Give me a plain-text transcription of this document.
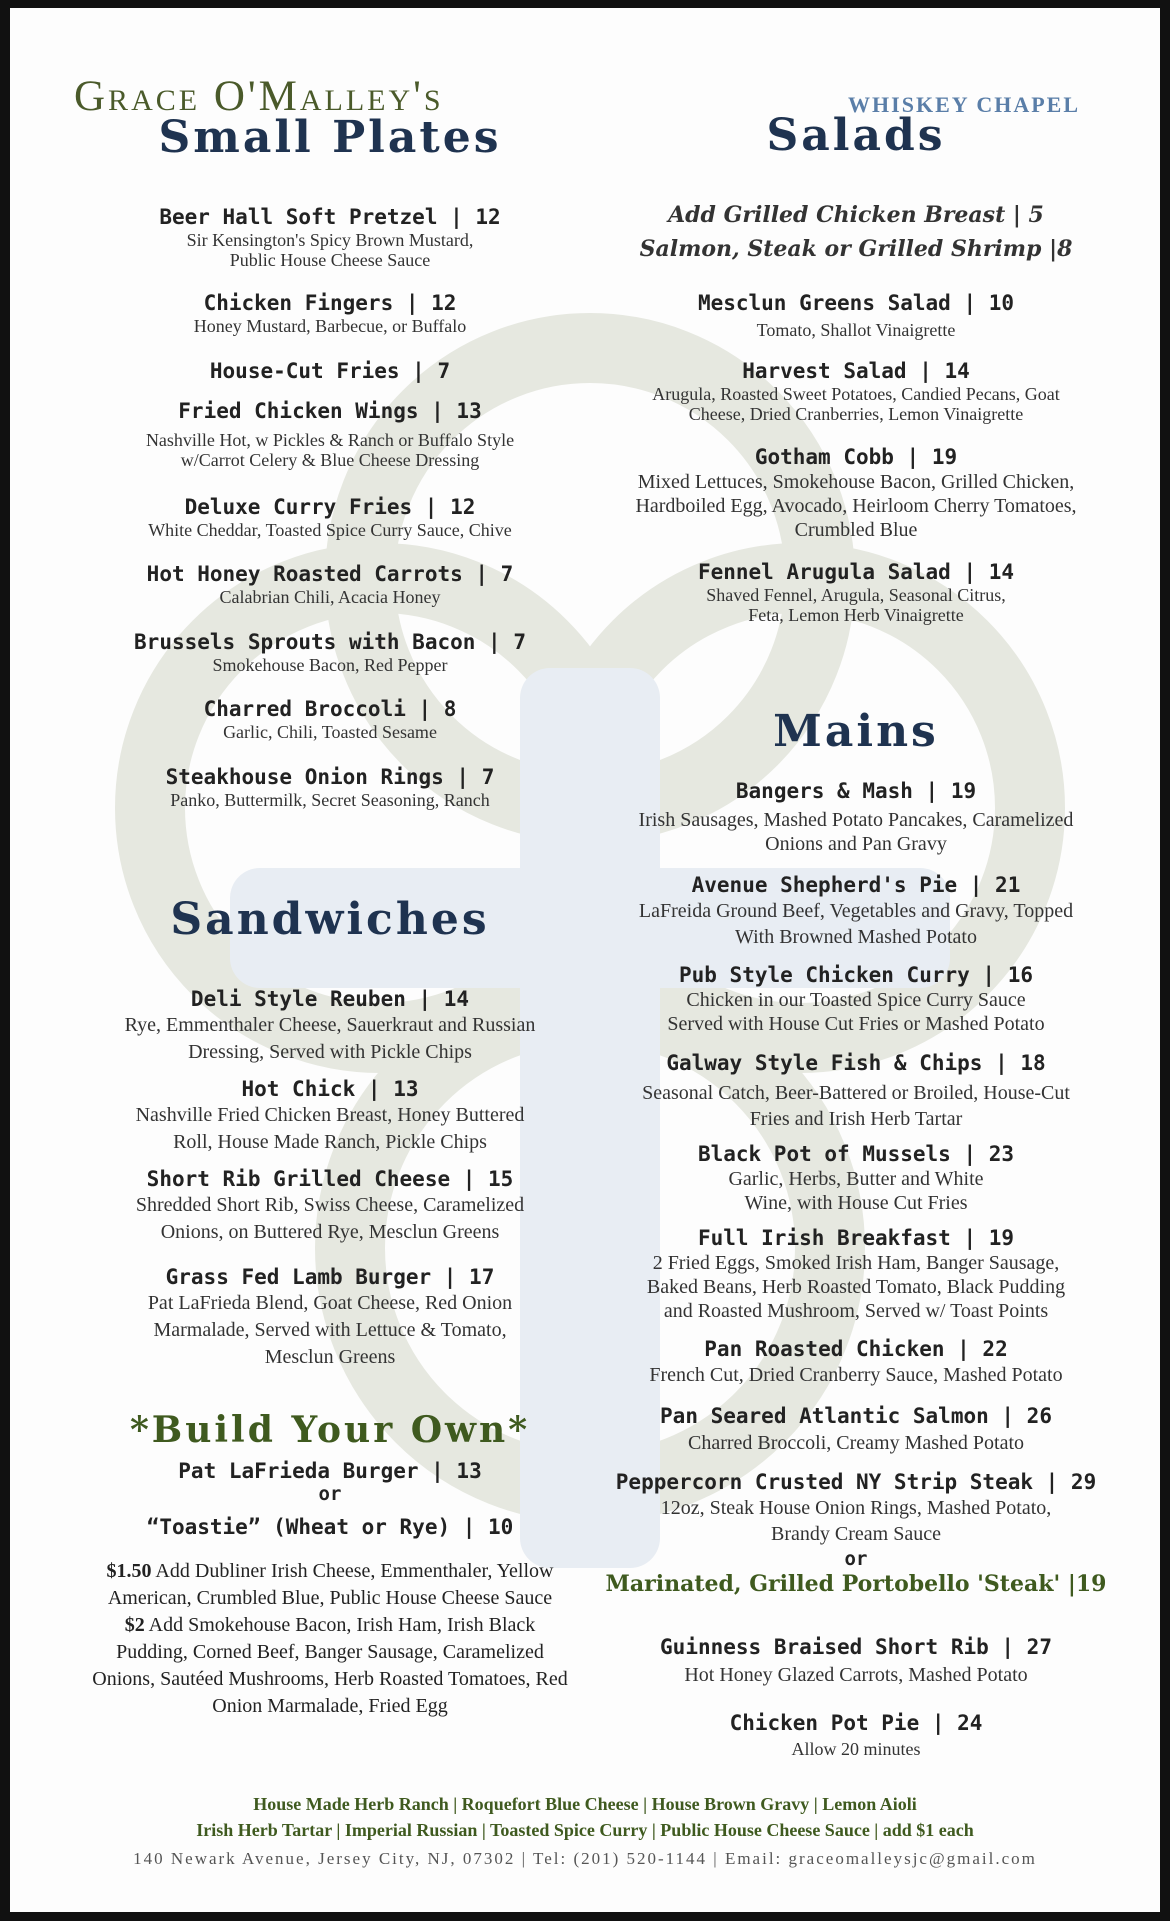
Grace O'Malley's	WHISKEY CHAPEL
Small Plates
Beer Hall Soft Pretzel | 12
Sir Kensington's Spicy Brown Mustard,
Public House Cheese Sauce
Chicken Fingers | 12
Honey Mustard, Barbecue, or Buffalo
House-Cut Fries | 7
Fried Chicken Wings | 13
Nashville Hot, w Pickles & Ranch or Buffalo Style
w/Carrot Celery & Blue Cheese Dressing
Deluxe Curry Fries | 12
White Cheddar, Toasted Spice Curry Sauce, Chive
Hot Honey Roasted Carrots | 7
Calabrian Chili, Acacia Honey
Brussels Sprouts with Bacon | 7
Smokehouse Bacon, Red Pepper
Charred Broccoli | 8
Garlic, Chili, Toasted Sesame
Steakhouse Onion Rings | 7
Panko, Buttermilk, Secret Seasoning, Ranch
Sandwiches
Deli Style Reuben | 14
Rye, Emmenthaler Cheese, Sauerkraut and Russian
Dressing, Served with Pickle Chips
Hot Chick | 13
Nashville Fried Chicken Breast, Honey Buttered
Roll, House Made Ranch, Pickle Chips
Short Rib Grilled Cheese | 15
Shredded Short Rib, Swiss Cheese, Caramelized
Onions, on Buttered Rye, Mesclun Greens
Grass Fed Lamb Burger | 17
Pat LaFrieda Blend, Goat Cheese, Red Onion
Marmalade, Served with Lettuce & Tomato,
Mesclun Greens
*Build Your Own*
Pat LaFrieda Burger | 13
or
“Toastie” (Wheat or Rye) | 10
$1.50 Add Dubliner Irish Cheese, Emmenthaler, Yellow American, Crumbled Blue, Public House Cheese Sauce
$2 Add Smokehouse Bacon, Irish Ham, Irish Black Pudding, Corned Beef, Banger Sausage, Caramelized Onions, Sautéed Mushrooms, Herb Roasted Tomatoes, Red Onion Marmalade, Fried Egg
Salads
Add Grilled Chicken Breast | 5
Salmon, Steak or Grilled Shrimp |8
Mesclun Greens Salad | 10
Tomato, Shallot Vinaigrette
Harvest Salad | 14
Arugula, Roasted Sweet Potatoes, Candied Pecans, Goat
Cheese, Dried Cranberries, Lemon Vinaigrette
Gotham Cobb | 19
Mixed Lettuces, Smokehouse Bacon, Grilled Chicken,
Hardboiled Egg, Avocado, Heirloom Cherry Tomatoes,
Crumbled Blue
Fennel Arugula Salad | 14
Shaved Fennel, Arugula, Seasonal Citrus,
Feta, Lemon Herb Vinaigrette
Mains
Bangers & Mash | 19
Irish Sausages, Mashed Potato Pancakes, Caramelized
Onions and Pan Gravy
Avenue Shepherd's Pie | 21
LaFreida Ground Beef, Vegetables and Gravy, Topped
With Browned Mashed Potato
Pub Style Chicken Curry | 16
Chicken in our Toasted Spice Curry Sauce
Served with House Cut Fries or Mashed Potato
Galway Style Fish & Chips | 18
Seasonal Catch, Beer-Battered or Broiled, House-Cut
Fries and Irish Herb Tartar
Black Pot of Mussels | 23
Garlic, Herbs, Butter and White
Wine, with House Cut Fries
Full Irish Breakfast | 19
2 Fried Eggs, Smoked Irish Ham, Banger Sausage,
Baked Beans, Herb Roasted Tomato, Black Pudding
and Roasted Mushroom, Served w/ Toast Points
Pan Roasted Chicken | 22
French Cut, Dried Cranberry Sauce, Mashed Potato
Pan Seared Atlantic Salmon | 26
Charred Broccoli, Creamy Mashed Potato
Peppercorn Crusted NY Strip Steak | 29
12oz, Steak House Onion Rings, Mashed Potato,
Brandy Cream Sauce
or
Marinated, Grilled Portobello 'Steak' |19
Guinness Braised Short Rib | 27
Hot Honey Glazed Carrots, Mashed Potato
Chicken Pot Pie | 24
Allow 20 minutes
House Made Herb Ranch | Roquefort Blue Cheese | House Brown Gravy | Lemon Aioli
Irish Herb Tartar | Imperial Russian | Toasted Spice Curry | Public House Cheese Sauce | add $1 each
140 Newark Avenue, Jersey City, NJ, 07302 | Tel: (201) 520-1144 | Email: graceomalleysjc@gmail.com
